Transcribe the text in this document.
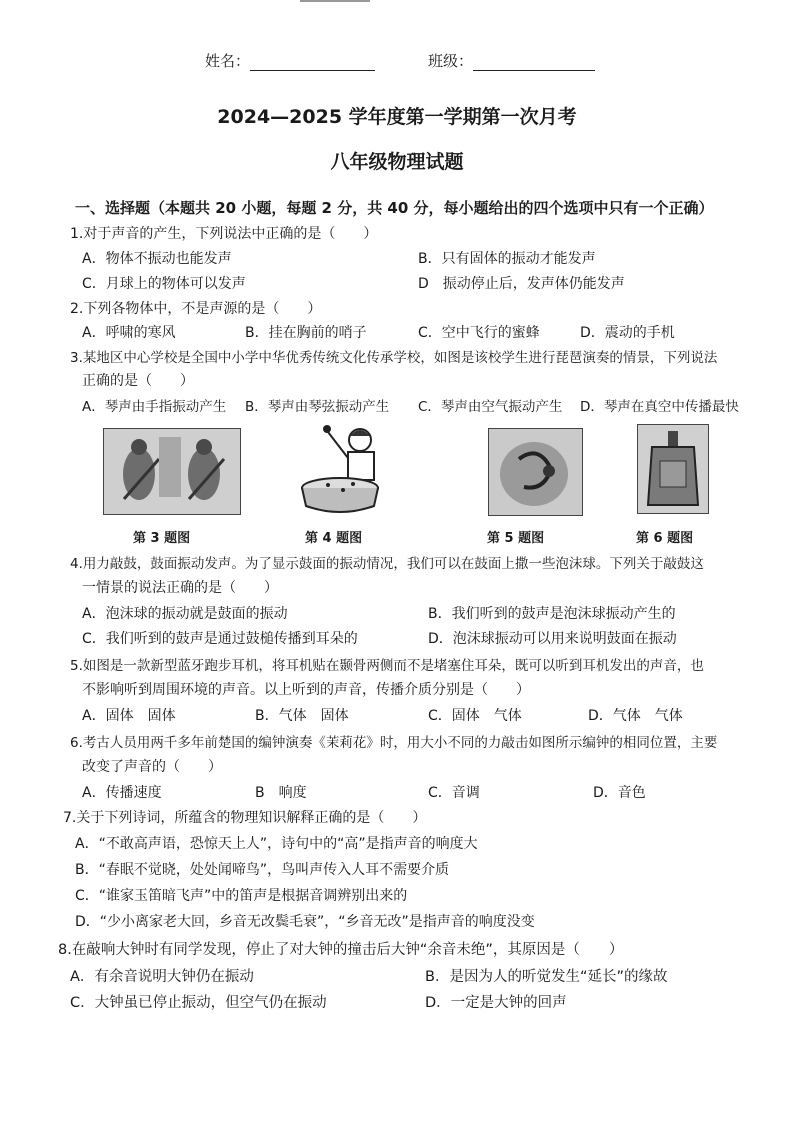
姓名：	班级：
2024—2025 学年度第一学期第一次月考
八年级物理试题
一、选择题（本题共 20 小题，每题 2 分，共 40 分，每小题给出的四个选项中只有一个正确）
1.对于声音的产生，下列说法中正确的是（　　）
A．物体不振动也能发声	B．只有固体的振动才能发声
C．月球上的物体可以发声	D　振动停止后，发声体仍能发声
2.下列各物体中，不是声源的是（　　）
A．呼啸的寒风	B．挂在胸前的哨子	C．空中飞行的蜜蜂	D．震动的手机
3.某地区中心学校是全国中小学中华优秀传统文化传承学校，如图是该校学生进行琵琶演奏的情景，下列说法
正确的是（　　）
A．琴声由手指振动产生 B．琴声由琴弦振动产生 C．琴声由空气振动产生 D．琴声在真空中传播最快
第 3 题图	第 4 题图	第 5 题图	第 6 题图
4.用力敲鼓，鼓面振动发声。为了显示鼓面的振动情况，我们可以在鼓面上撒一些泡沫球。下列关于敲鼓这
一情景的说法正确的是（　　）
A．泡沫球的振动就是鼓面的振动	B．我们听到的鼓声是泡沫球振动产生的
C．我们听到的鼓声是通过鼓槌传播到耳朵的	D．泡沫球振动可以用来说明鼓面在振动
5.如图是一款新型蓝牙跑步耳机，将耳机贴在颞骨两侧而不是堵塞住耳朵，既可以听到耳机发出的声音，也
不影响听到周围环境的声音。以上听到的声音，传播介质分别是（　　）
A．固体　固体	B．气体　固体	C．固体　气体	D．气体　气体
6.考古人员用两千多年前楚国的编钟演奏《茉莉花》时，用大小不同的力敲击如图所示编钟的相同位置，主要
改变了声音的（　　）
A．传播速度	B　响度	C．音调	D．音色
7.关于下列诗词，所蕴含的物理知识解释正确的是（　　）
A．“不敢高声语，恐惊天上人”，诗句中的“高”是指声音的响度大
B．“春眠不觉晓，处处闻啼鸟”，鸟叫声传入人耳不需要介质
C．“谁家玉笛暗飞声”中的笛声是根据音调辨别出来的
D．“少小离家老大回，乡音无改鬓毛衰”，“乡音无改”是指声音的响度没变
8.在敲响大钟时有同学发现，停止了对大钟的撞击后大钟“余音未绝”，其原因是（　　）
A．有余音说明大钟仍在振动	B．是因为人的听觉发生“延长”的缘故
C．大钟虽已停止振动，但空气仍在振动	D．一定是大钟的回声
